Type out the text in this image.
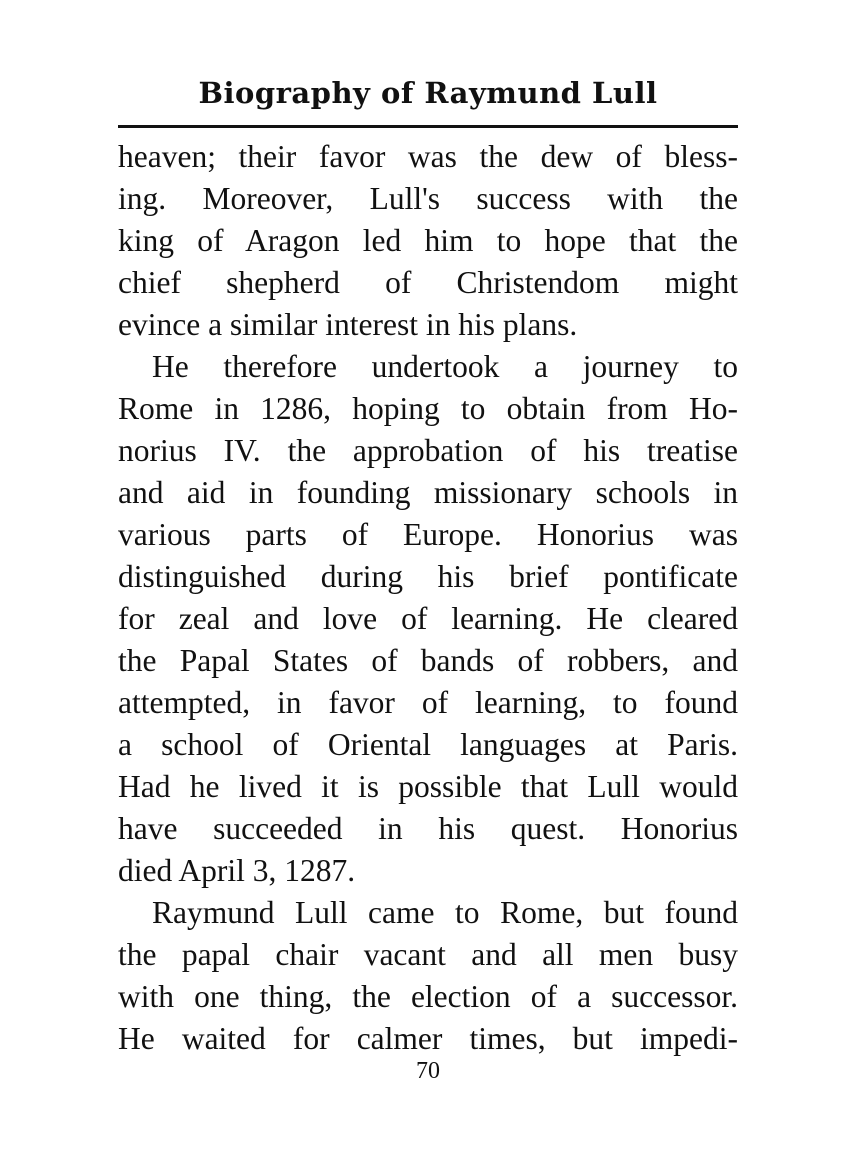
Biography of Raymund Lull
heaven; their favor was the dew of bless-
ing. Moreover, Lull's success with the
king of Aragon led him to hope that the
chief shepherd of Christendom might
evince a similar interest in his plans.
He therefore undertook a journey to
Rome in 1286, hoping to obtain from Ho-
norius IV. the approbation of his treatise
and aid in founding missionary schools in
various parts of Europe. Honorius was
distinguished during his brief pontificate
for zeal and love of learning. He cleared
the Papal States of bands of robbers, and
attempted, in favor of learning, to found
a school of Oriental languages at Paris.
Had he lived it is possible that Lull would
have succeeded in his quest. Honorius
died April 3, 1287.
Raymund Lull came to Rome, but found
the papal chair vacant and all men busy
with one thing, the election of a successor.
He waited for calmer times, but impedi-
70
